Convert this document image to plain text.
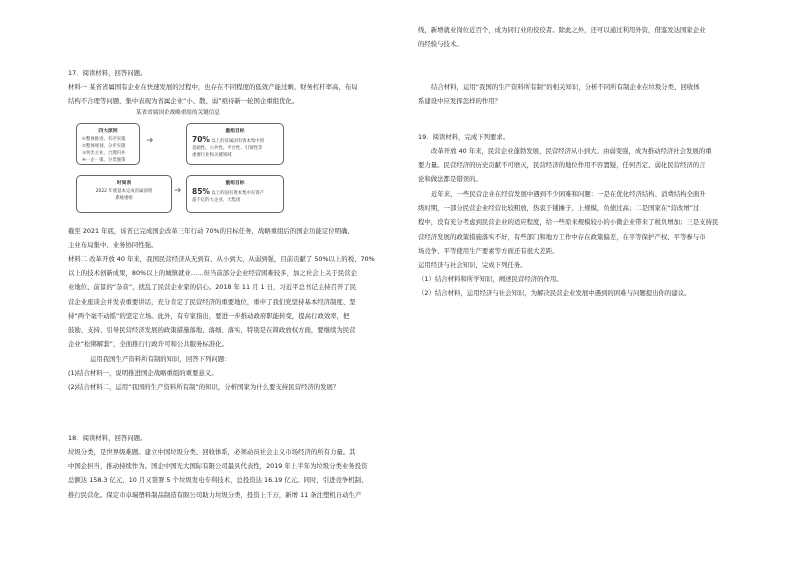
17．阅读材料，回答问题。
材料一 某省省属国有企业在快速发展的过程中，也存在不同程度的低效产能过剩、财务杠杆率高、布局
结构不合理等问题，集中表现为省属企业“小、散、弱”亟待新一轮国企重组优化。
某省省属国企战略重组的关键信息
四大原则
①整体推进、有序实施
②整体规划、分步实施
③突出主业、合理归并
④一企一策、分类施策
➜
重组目标
70% 以上的省属国有资本集中到
基础性、公共性、平台性、引领性等
重要行业和关键领域
时间表
2022 年底基本完成省属国资
系统重组
➜
重组目标
85% 以上的国有资本集中在资产
超千亿的大企业、大集团
截至 2021 年底，该省已完成国企改革三年行动 70%的目标任务，战略重组后的国企功能定位明确、
主业布局集中、业务协同性强。
材料二 改革开放 40 年来，我国民营经济从无到有、从小到大、从弱到强，目前贡献了 50%以上的税、70%
以上的技术创新成果，80%以上的城镇就业……但当前部分企业经营困难较多，加之社会上关于民营企
业地位、前景的“杂音”，扰乱了民营企业家的信心。2018 年 11 月 1 日，习近平总书记主持召开了民
营企业座谈会并发表重要讲话，充分肯定了民营经济的重要地位，重申了我们党坚持基本经济制度、坚
持“两个毫不动摇”的坚定立场。此外，有专家指出，要进一步推动政府职能转变，提高行政效率，把
鼓励、支持、引导民营经济发展的政策措施落地、落细、落实，特别是在简政放权方面，要继续为民营
企业“松绑解套”，全面推行行政许可和公共服务标准化。
运用我国生产资料所有制的知识，回答下列问题：
(1)结合材料一，说明推进国企战略重组的重要意义。
(2)结合材料二，运用“我国的生产资料所有制”的知识，分析国家为什么要支持民营经济的发展？
18．阅读材料，回答问题。
垃圾分类，是世界级难题。建立中国垃圾分类、回收体系，必须动员社会主义市场经济的所有力量。其
中国企担当，推动持续作为。国企中国光大国际有限公司最具代表性，2019 年上半年为垃圾分类业务投资
总额达 158.3 亿元，10 月又签署 5 个垃圾发电专利技术，总投资达 16.19 亿元。同时，引进竞争机制、
推行民营化。保定市卓瑞塑料制品制造有限公司助力垃圾分类，投资上千万，新增 11 条注塑机自动生产
线，新增就业岗位近百个，成为同行业的佼佼者。除此之外，还可以通过利用外资，借鉴发达国家企业
的经验与技术。
结合材料，运用“我国的生产资料所有制”的相关知识，分析不同所有制企业在垃圾分类、回收体
系建设中应发挥怎样的作用？
19．阅读材料，完成下列要求。
改革开放 40 年来，民营企业蓬勃发展，民营经济从小到大、由弱变强，成为推动经济社会发展的重
要力量。民营经济的历史贡献不可磨灭，民营经济的地位作用不容置疑，任何否定、弱化民营经济的言
论和做法都是错误的。
近年来，一些民营企业在经营发展中遇到不少困难和问题：一是在优化经济结构、消费结构全面升
级时期，一部分民营企业经营比较粗放，热衷于铺摊子、上规模，负债过高；二是国家在“营改增”过
程中，没有充分考虑到民营企业的适应程度，给一些原来规模较小的小微企业带来了税负增加；三是支持民
营经济发展的政策措施落实不好，有些部门和地方工作中存在政策偏差，在平等保护产权、平等参与市
场竞争、平等使用生产要素等方面还有很大差距。
运用经济与社会知识，完成下列任务。
（1）结合材料和所学知识，阐述民营经济的作用。
（2）结合材料，运用经济与社会知识，为解决民营企业发展中遇到的困难与问题提出你的建议。
